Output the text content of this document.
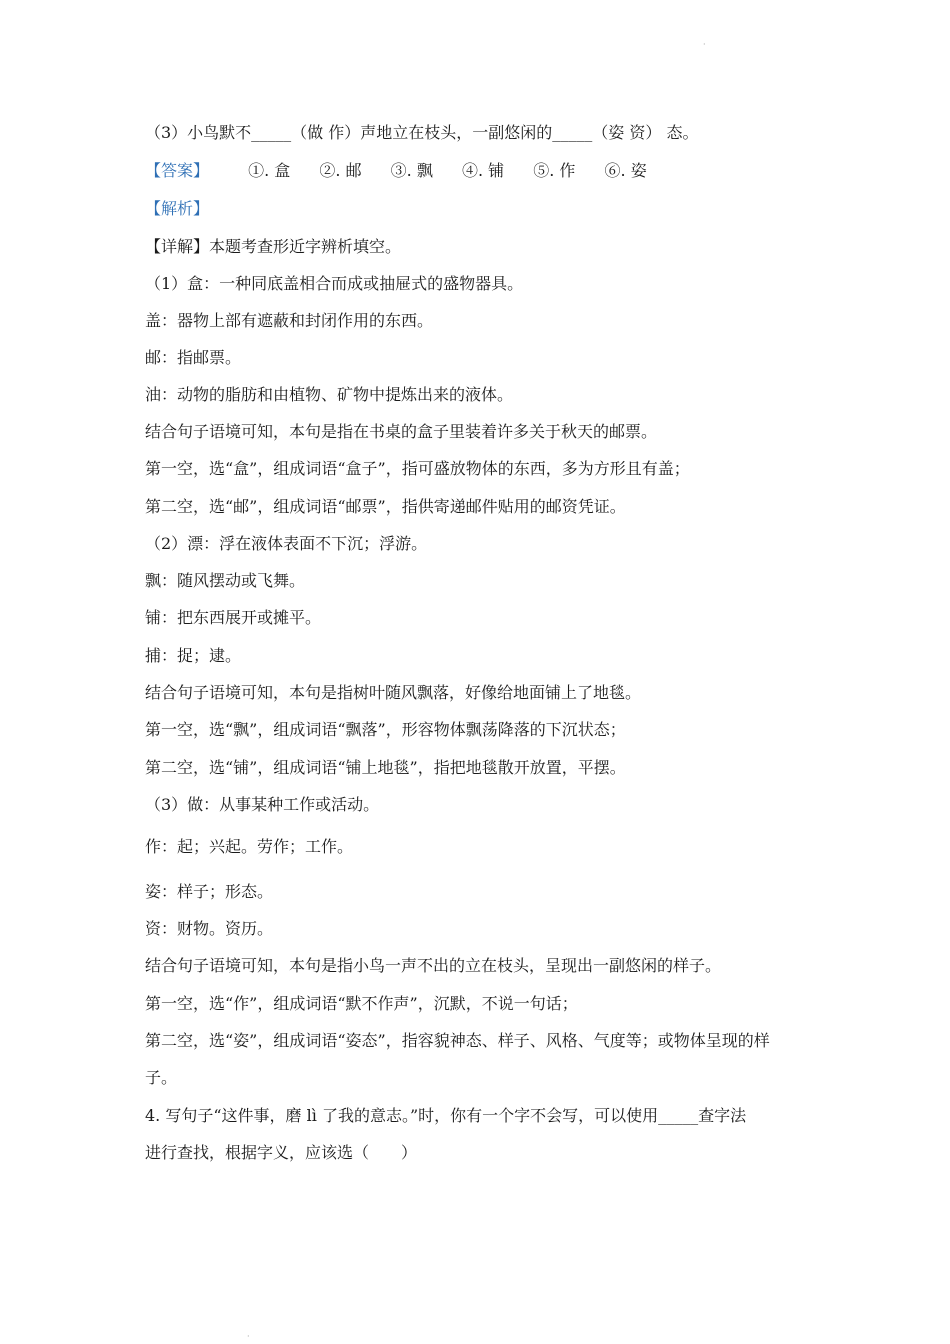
（3）小鸟默不_____（做 作）声地立在枝头，一副悠闲的_____（姿 资） 态。
【答案】 ①. 盒 ②. 邮 ③. 飘 ④. 铺 ⑤. 作 ⑥. 姿
【解析】
【详解】本题考查形近字辨析填空。
（1）盒：一种同底盖相合而成或抽屉式的盛物器具。
盖：器物上部有遮蔽和封闭作用的东西。
邮：指邮票。
油：动物的脂肪和由植物、矿物中提炼出来的液体。
结合句子语境可知，本句是指在书桌的盒子里装着许多关于秋天的邮票。
第一空，选“盒”，组成词语“盒子”，指可盛放物体的东西，多为方形且有盖；
第二空，选“邮”，组成词语“邮票”，指供寄递邮件贴用的邮资凭证。
（2）漂：浮在液体表面不下沉；浮游。
飘：随风摆动或飞舞。
铺：把东西展开或摊平。
捕：捉；逮。
结合句子语境可知，本句是指树叶随风飘落，好像给地面铺上了地毯。
第一空，选“飘”，组成词语“飘落”，形容物体飘荡降落的下沉状态；
第二空，选“铺”，组成词语“铺上地毯”，指把地毯散开放置，平摆。
（3）做：从事某种工作或活动。
作：起；兴起。劳作；工作。
姿：样子；形态。
资：财物。资历。
结合句子语境可知，本句是指小鸟一声不出的立在枝头，呈现出一副悠闲的样子。
第一空，选“作”，组成词语“默不作声”，沉默，不说一句话；
第二空，选“姿”，组成词语“姿态”，指容貌神态、样子、风格、气度等；或物体呈现的样
子。
4. 写句子“这件事，磨 lì 了我的意志。”时，你有一个字不会写，可以使用_____查字法
进行查找，根据字义，应该选（　　）
·
·
